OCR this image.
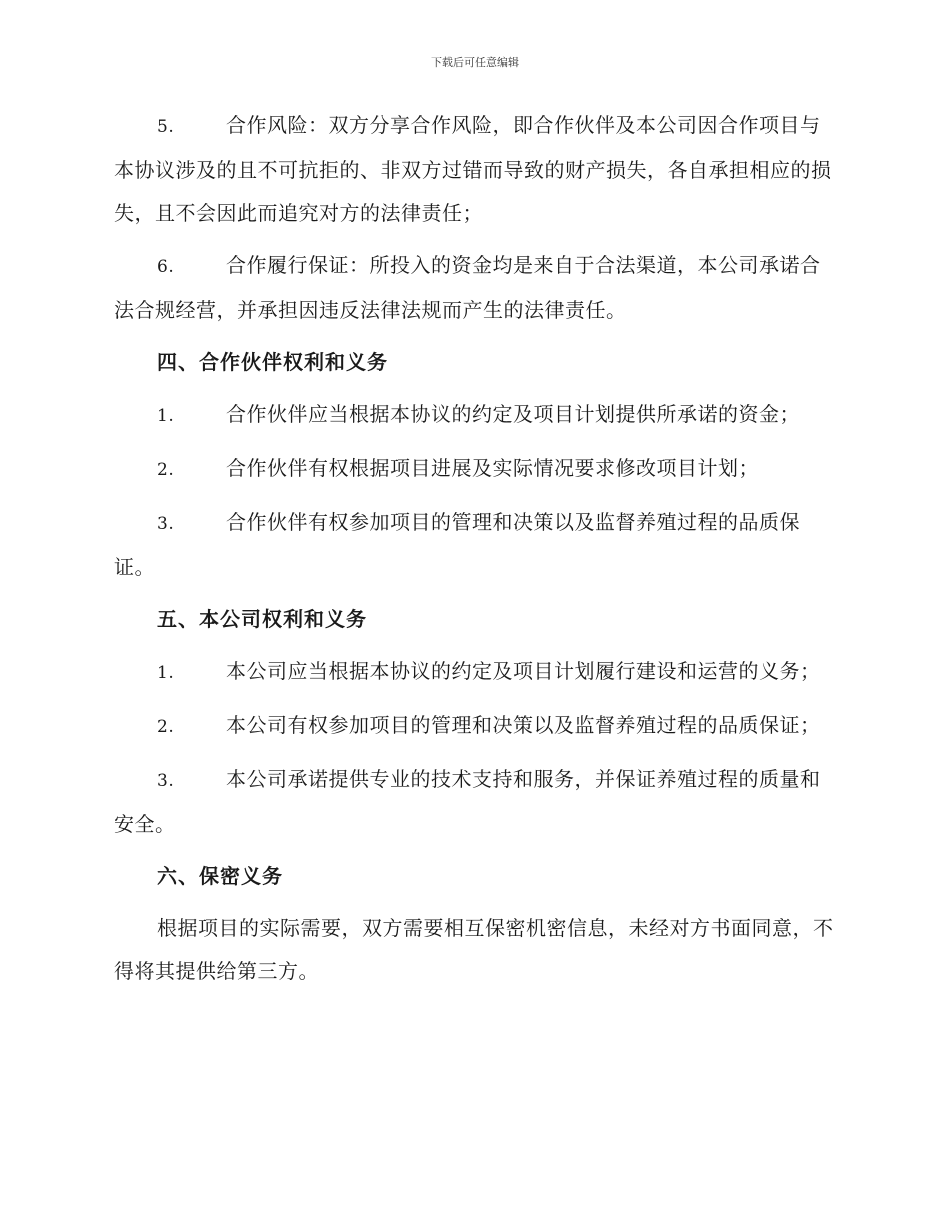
下载后可任意编辑

5.	合作风险：双方分享合作风险，即合作伙伴及本公司因合作项目与本协议涉及的且不可抗拒的、非双方过错而导致的财产损失，各自承担相应的损失，且不会因此而追究对方的法律责任；

6.	合作履行保证：所投入的资金均是来自于合法渠道，本公司承诺合法合规经营，并承担因违反法律法规而产生的法律责任。

四、合作伙伴权利和义务

1.	合作伙伴应当根据本协议的约定及项目计划提供所承诺的资金；

2.	合作伙伴有权根据项目进展及实际情况要求修改项目计划；

3.	合作伙伴有权参加项目的管理和决策以及监督养殖过程的品质保证。

五、本公司权利和义务

1.	本公司应当根据本协议的约定及项目计划履行建设和运营的义务；

2.	本公司有权参加项目的管理和决策以及监督养殖过程的品质保证；

3.	本公司承诺提供专业的技术支持和服务，并保证养殖过程的质量和安全。

六、保密义务

根据项目的实际需要，双方需要相互保密机密信息，未经对方书面同意，不得将其提供给第三方。
